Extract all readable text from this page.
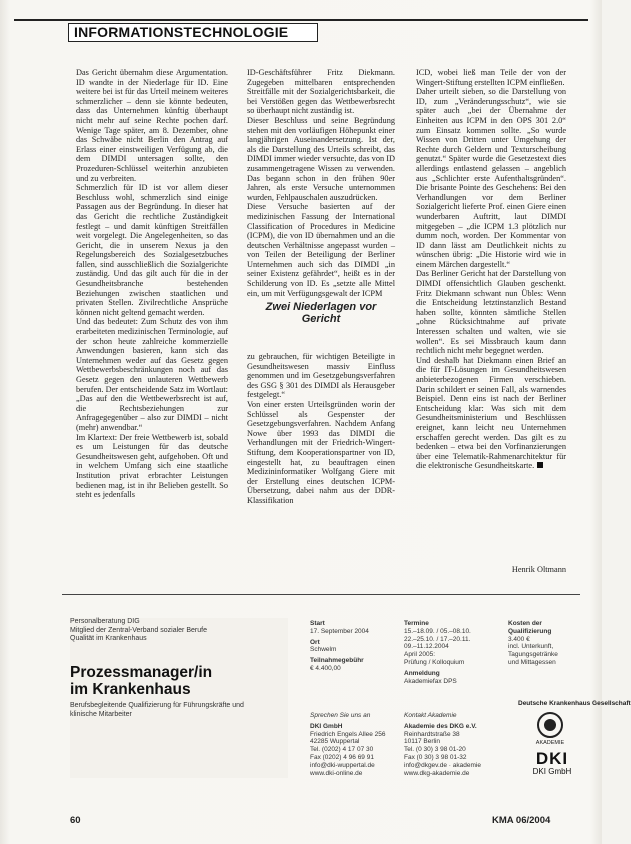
INFORMATIONSTECHNOLOGIE

Das Gericht übernahm diese Argumentation. ID wandte in der Niederlage für ID. Eine weitere bei ist für das Urteil meinem weiteres schmerzlicher – denn sie könnte bedeuten, dass das Unternehmen künftig überhaupt nicht mehr auf seine Rechte pochen darf. Wenige Tage später, am 8. Dezember, ohne das Schwäbe nicht Berlin den Antrag auf Erlass einer einstweiligen Verfügung ab, die dem DIMDI untersagen sollte, den Prozeduren-Schlüssel weiterhin anzubieten und zu verbreiten.

Schmerzlich für ID ist vor allem dieser Beschluss wohl, schmerzlich sind einige Passagen aus der Begründung. In dieser hat das Gericht die rechtliche Zuständigkeit festlegt – und damit künftigen Streitfällen weit vorgelegt. Die Angelegenheiten, so das Gericht, die in unserem Nexus ja den Regelungsbereich des Sozialgesetzbuches fallen, sind ausschließlich die Sozialgerichte zuständig. Und das gilt auch für die in der Gesundheitsbranche bestehenden Beziehungen zwischen staatlichen und privaten Stellen. Zivilrechtliche Ansprüche können nicht geltend gemacht werden.

Und das bedeutet: Zum Schutz des von ihm erarbeiteten medizinischen Terminologie, auf der schon heute zahlreiche kommerzielle Anwendungen basieren, kann sich das Unternehmen weder auf das Gesetz gegen Wettbewerbsbeschränkungen noch auf das Gesetz gegen den unlauteren Wettbewerb berufen. Der entscheidende Satz im Wortlaut: „Das auf den die Wettbewerbsrecht ist auf, die Rechtsbeziehungen zur Anfragegegenüber – also zur DIMDI – nicht (mehr) anwendbar.“

Im Klartext: Der freie Wettbewerb ist, sobald es um Leistungen für das deutsche Gesundheitswesen geht, aufgehoben. Oft und in welchem Umfang sich eine staatliche Institution privat erbrachter Leistungen bedienen mag, ist in ihr Belieben gestellt. So steht es jedenfalls

ID-Geschäftsführer Fritz Diekmann. Zugegeben mittelbaren entsprechenden Streitfälle mit der Sozialgerichtsbarkeit, die bei Verstößen gegen das Wettbewerbsrecht so überhaupt nicht zuständig ist.

Dieser Beschluss und seine Begründung stehen mit den vorläufigen Höhepunkt einer langjährigen Auseinandersetzung. Ist der, als die Darstellung des Urteils schreibt, das DIMDI immer wieder versuchte, das von ID zusammengetragene Wissen zu verwenden. Das begann schon in den frühen 90er Jahren, als erste Versuche unternommen wurden, Fehlpauschalen auszudrücken.

Diese Versuche basierten auf der medizinischen Fassung der International Classification of Procedures in Medicine (ICPM), die von ID übernahmen und an die deutschen Verhältnisse angepasst wurden – von Teilen der Beteiligung der Berliner Unternehmen auch sich das DIMDI „in seiner Existenz gefährdet“, heißt es in der Schilderung von ID. Es „setzte alle Mittel ein, um mit Verfügungsgewalt der ICPM

Zwei Niederlagen vor Gericht

zu gebrauchen, für wichtigen Beteiligte in Gesundheitswesen massiv Einfluss genommen und im Gesetzgebungsverfahren des GSG § 301 des DIMDI als Herausgeber festgelegt.“

Von einer ersten Urteilsgründen worin der Schlüssel als Gespenster der Gesetzgebungsverfahren. Nachdem Anfang Nowe über 1993 das DIMDI die Verhandlungen mit der Friedrich-Wingert-Stiftung, dem Kooperationspartner von ID, eingestellt hat, zu beauftragen einen Medizininformatiker Wolfgang Giere mit der Erstellung eines deutschen ICPM-Übersetzung, dabei nahm aus der DDR-Klassifikation

ICD, wobei ließ man Teile der von der Wingert-Stiftung erstellten ICPM einfließen.

Daher urteilt sieben, so die Darstellung von ID, zum „Veränderungsschutz“, wie sie später auch „bei der Übernahme der Einheiten aus ICPM in den OPS 301 2.0“ zum Einsatz kommen sollte. „So wurde Wissen von Dritten unter Umgehung der Rechte durch Geldern und Texturscheibung genutzt.“ Später wurde die Gesetzestext dies allerdings entlastend gelassen – angeblich aus „Schlichter erste Aufenthaltsgründen“. Die brisante Pointe des Geschehens: Bei den Verhandlungen vor dem Berliner Sozialgericht lieferte Prof. einen Giere einen wunderbaren Auftritt, laut DIMDI mitgegeben – „die ICPM 1.3 plötzlich nur dumm noch, worden. Der Kommentar von ID dann lässt am Deutlichkeit nichts zu wünschen übrig: „Die Historie wird wie in einem Märchen dargestellt.“

Das Berliner Gericht hat der Darstellung von DIMDI offensichtlich Glauben geschenkt. Fritz Diekmann schwant nun Übles: Wenn die Entscheidung letztinstanzlich Bestand haben sollte, könnten sämtliche Stellen „ohne Rücksichtnahme auf private Interessen schalten und walten, wie sie wollen“. Es sei Missbrauch kaum dann rechtlich nicht mehr begegnet werden.

Und deshalb hat Diekmann einen Brief an die für IT-Lösungen im Gesundheitswesen anbieterbezogenen Firmen verschieben. Darin schildert er seinen Fall, als warnendes Beispiel. Denn eins ist nach der Berliner Entscheidung klar: Was sich mit dem Gesundheitsministerium und Beschlüssen ereignet, kann leicht neu Unternehmen erschaffen gerecht werden. Das gilt es zu bedenken – etwa bei den Vorfinanzierungen über eine Telematik-Rahmenarchitektur für die elektronische Gesundheitskarte.

Henrik Oltmann
Personalberatung DIG
Mitglied der Zentral-Verband sozialer Berufe
Qualität im Krankenhaus
Prozessmanager/in
im Krankenhaus
Berufsbegleitende Qualifizierung für Führungskräfte und klinische Mitarbeiter
Start
17. September 2004
Ort
Schwelm
Teilnahmegebühr
€ 4.400,00
Termine
15.–18.09. / 05.–08.10.
22.–25.10. / 17.–20.11.
09.–11.12.2004
April 2005:
Prüfung / Kolloquium
Anmeldung
Akademiefax DPS
Kosten der Qualifizierung
3.400 €
incl. Unterkunft,
Tagungsgetränke
und Mittagessen
Sprechen Sie uns an
DKI GmbH
Friedrich Engels Allee 256
42285 Wuppertal
Tel. (0202) 4 17 07 30
Fax (0202) 4 96 69 91
info@dki-wuppertal.de
www.dki-online.de
Kontakt Akademie
Akademie des DKG e.V.
Reinhardtstraße 38
10117 Berlin
Tel. (0 30) 3 98 01-20
Fax (0 30) 3 98 01-32
info@dkgev.de · akademie
www.dkg-akademie.de
Deutsche Krankenhaus Gesellschaft
AKADEMIE
DKI
DKI GmbH
60	KMA 06/2004
